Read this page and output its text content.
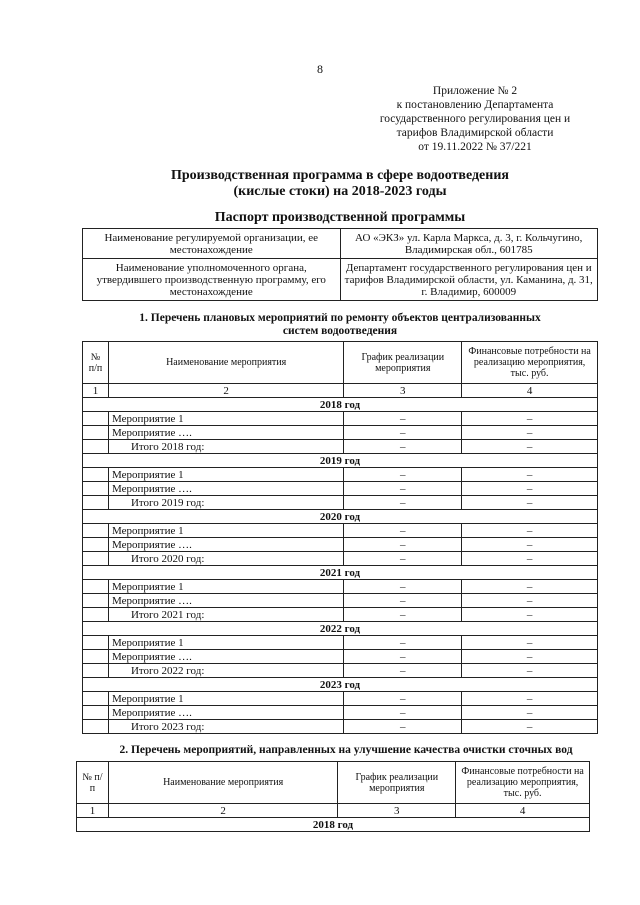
8
Приложение № 2
к постановлению Департамента
государственного регулирования цен и
тарифов Владимирской области
от 19.11.2022 № 37/221
Производственная программа в сфере водоотведения
(кислые стоки) на 2018-2023 годы
Паспорт производственной программы
Наименование регулируемой организации, ее местонахождение	АО «ЭКЗ» ул. Карла Маркса, д. 3, г. Кольчугино, Владимирская обл., 601785
Наименование уполномоченного органа, утвердившего производственную программу, его местонахождение	Департамент государственного регулирования цен и тарифов Владимирской области, ул. Каманина, д. 31, г. Владимир, 600009
1. Перечень плановых мероприятий по ремонту объектов централизованных
систем водоотведения
№ п/п	Наименование мероприятия	График реализации мероприятия	Финансовые потребности на реализацию мероприятия, тыс. руб.
1	2	3	4
2018 год			
	Мероприятие 1	–	–
	Мероприятие ….	–	–
	Итого 2018 год:	–	–
2019 год			
	Мероприятие 1	–	–
	Мероприятие ….	–	–
	Итого 2019 год:	–	–
2020 год			
	Мероприятие 1	–	–
	Мероприятие ….	–	–
	Итого 2020 год:	–	–
2021 год			
	Мероприятие 1	–	–
	Мероприятие ….	–	–
	Итого 2021 год:	–	–
2022 год			
	Мероприятие 1	–	–
	Мероприятие ….	–	–
	Итого 2022 год:	–	–
2023 год			
	Мероприятие 1	–	–
	Мероприятие ….	–	–
	Итого 2023 год:	–	–
2. Перечень мероприятий, направленных на улучшение качества очистки сточных вод
№ п/п	Наименование мероприятия	График реализации мероприятия	Финансовые потребности на реализацию мероприятия, тыс. руб.
1	2	3	4
2018 год			
